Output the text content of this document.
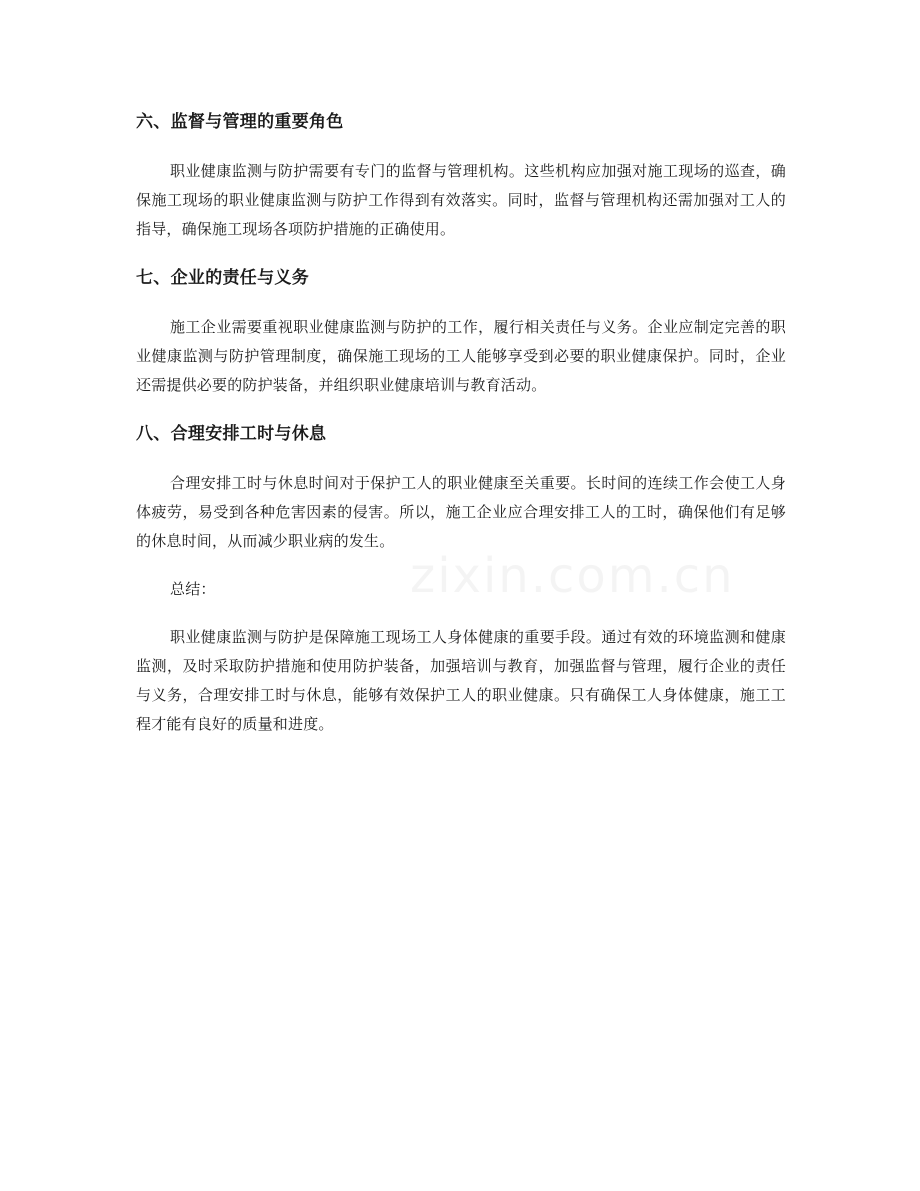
六、监督与管理的重要角色

职业健康监测与防护需要有专门的监督与管理机构。这些机构应加强对施工现场的巡查，确保施工现场的职业健康监测与防护工作得到有效落实。同时，监督与管理机构还需加强对工人的指导，确保施工现场各项防护措施的正确使用。

七、企业的责任与义务

施工企业需要重视职业健康监测与防护的工作，履行相关责任与义务。企业应制定完善的职业健康监测与防护管理制度，确保施工现场的工人能够享受到必要的职业健康保护。同时，企业还需提供必要的防护装备，并组织职业健康培训与教育活动。

八、合理安排工时与休息

合理安排工时与休息时间对于保护工人的职业健康至关重要。长时间的连续工作会使工人身体疲劳，易受到各种危害因素的侵害。所以，施工企业应合理安排工人的工时，确保他们有足够的休息时间，从而减少职业病的发生。

总结：

职业健康监测与防护是保障施工现场工人身体健康的重要手段。通过有效的环境监测和健康监测，及时采取防护措施和使用防护装备，加强培训与教育，加强监督与管理，履行企业的责任与义务，合理安排工时与休息，能够有效保护工人的职业健康。只有确保工人身体健康，施工工程才能有良好的质量和进度。
